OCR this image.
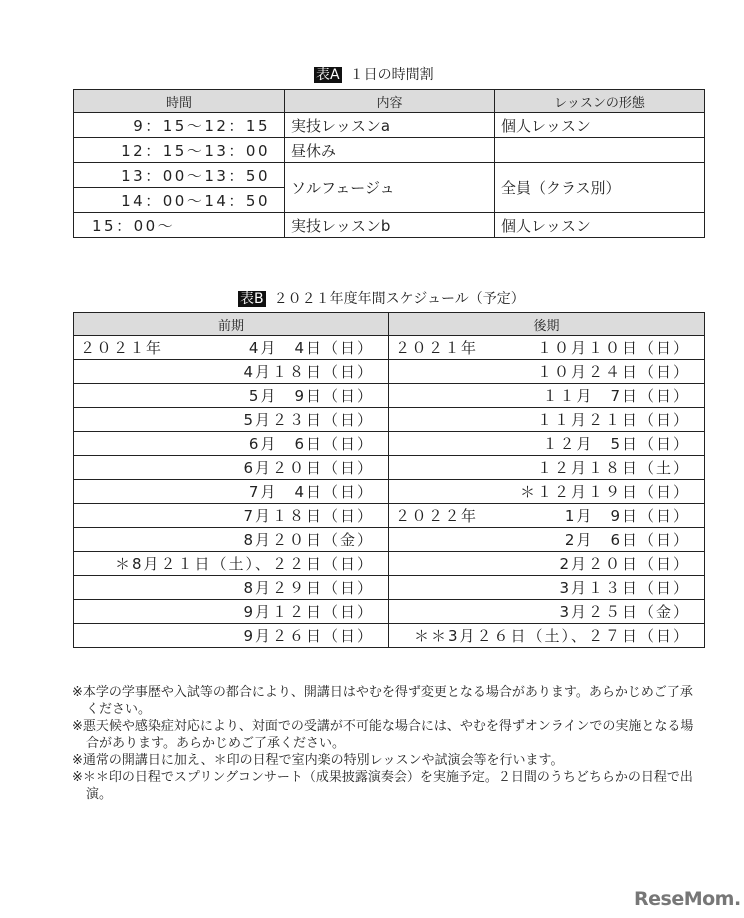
表A １日の時間割
時間	内容	レッスンの形態
9：15〜12：15	実技レッスンa	個人レッスン
12：15〜13：00	昼休み	
13：00〜13：50	ソルフェージュ	全員（クラス別）
14：00〜14：50		
15：00〜	実技レッスンb	個人レッスン
表B ２０２１年度年間スケジュール（予定）
前期	後期

２０２１年 4月　4日（日）	２０２１年 １０月１０日（日）

4月１８日（日）	１０月２４日（日）

5月　9日（日）	１１月　7日（日）

5月２３日（日）	１１月２１日（日）

6月　6日（日）	１２月　5日（日）

6月２０日（日）	１２月１８日（土）

7月　4日（日）	＊１２月１９日（日）

7月１８日（日）	２０２２年 1月　9日（日）

8月２０日（金）	2月　6日（日）

＊8月２１日（土）、２２日（日）	2月２０日（日）

8月２９日（日）	3月１３日（日）

9月１２日（日）	3月２５日（金）

9月２６日（日）	＊＊3月２６日（土）、２７日（日）

※本学の学事歴や入試等の都合により、開講日はやむを得ず変更となる場合があります。あらかじめご了承ください。

※悪天候や感染症対応により、対面での受講が不可能な場合には、やむを得ずオンラインでの実施となる場合があります。あらかじめご了承ください。

※通常の開講日に加え、＊印の日程で室内楽の特別レッスンや試演会等を行います。

※＊＊印の日程でスプリングコンサート（成果披露演奏会）を実施予定。２日間のうちどちらかの日程で出演。

ReseMom.
